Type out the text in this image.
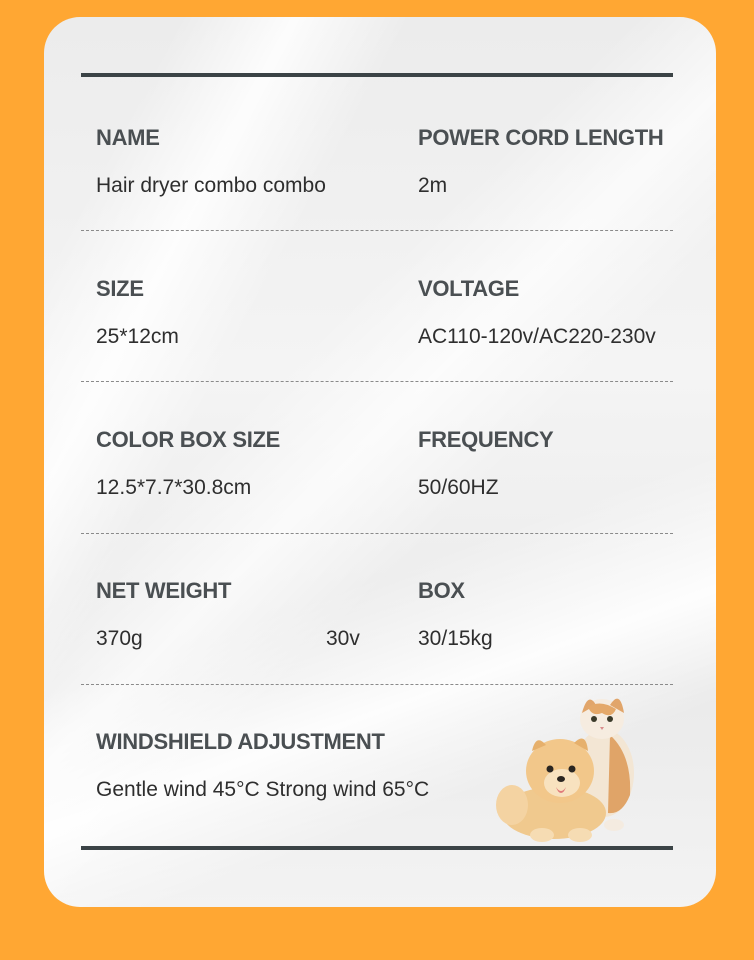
NAME
Hair dryer combo combo
POWER CORD LENGTH
2m
SIZE
25*12cm
VOLTAGE
AC110-120v/AC220-230v
COLOR BOX SIZE
12.5*7.7*30.8cm
FREQUENCY
50/60HZ
NET WEIGHT
370g	30v
BOX
30/15kg
WINDSHIELD ADJUSTMENT
Gentle wind 45°C Strong wind 65°C
